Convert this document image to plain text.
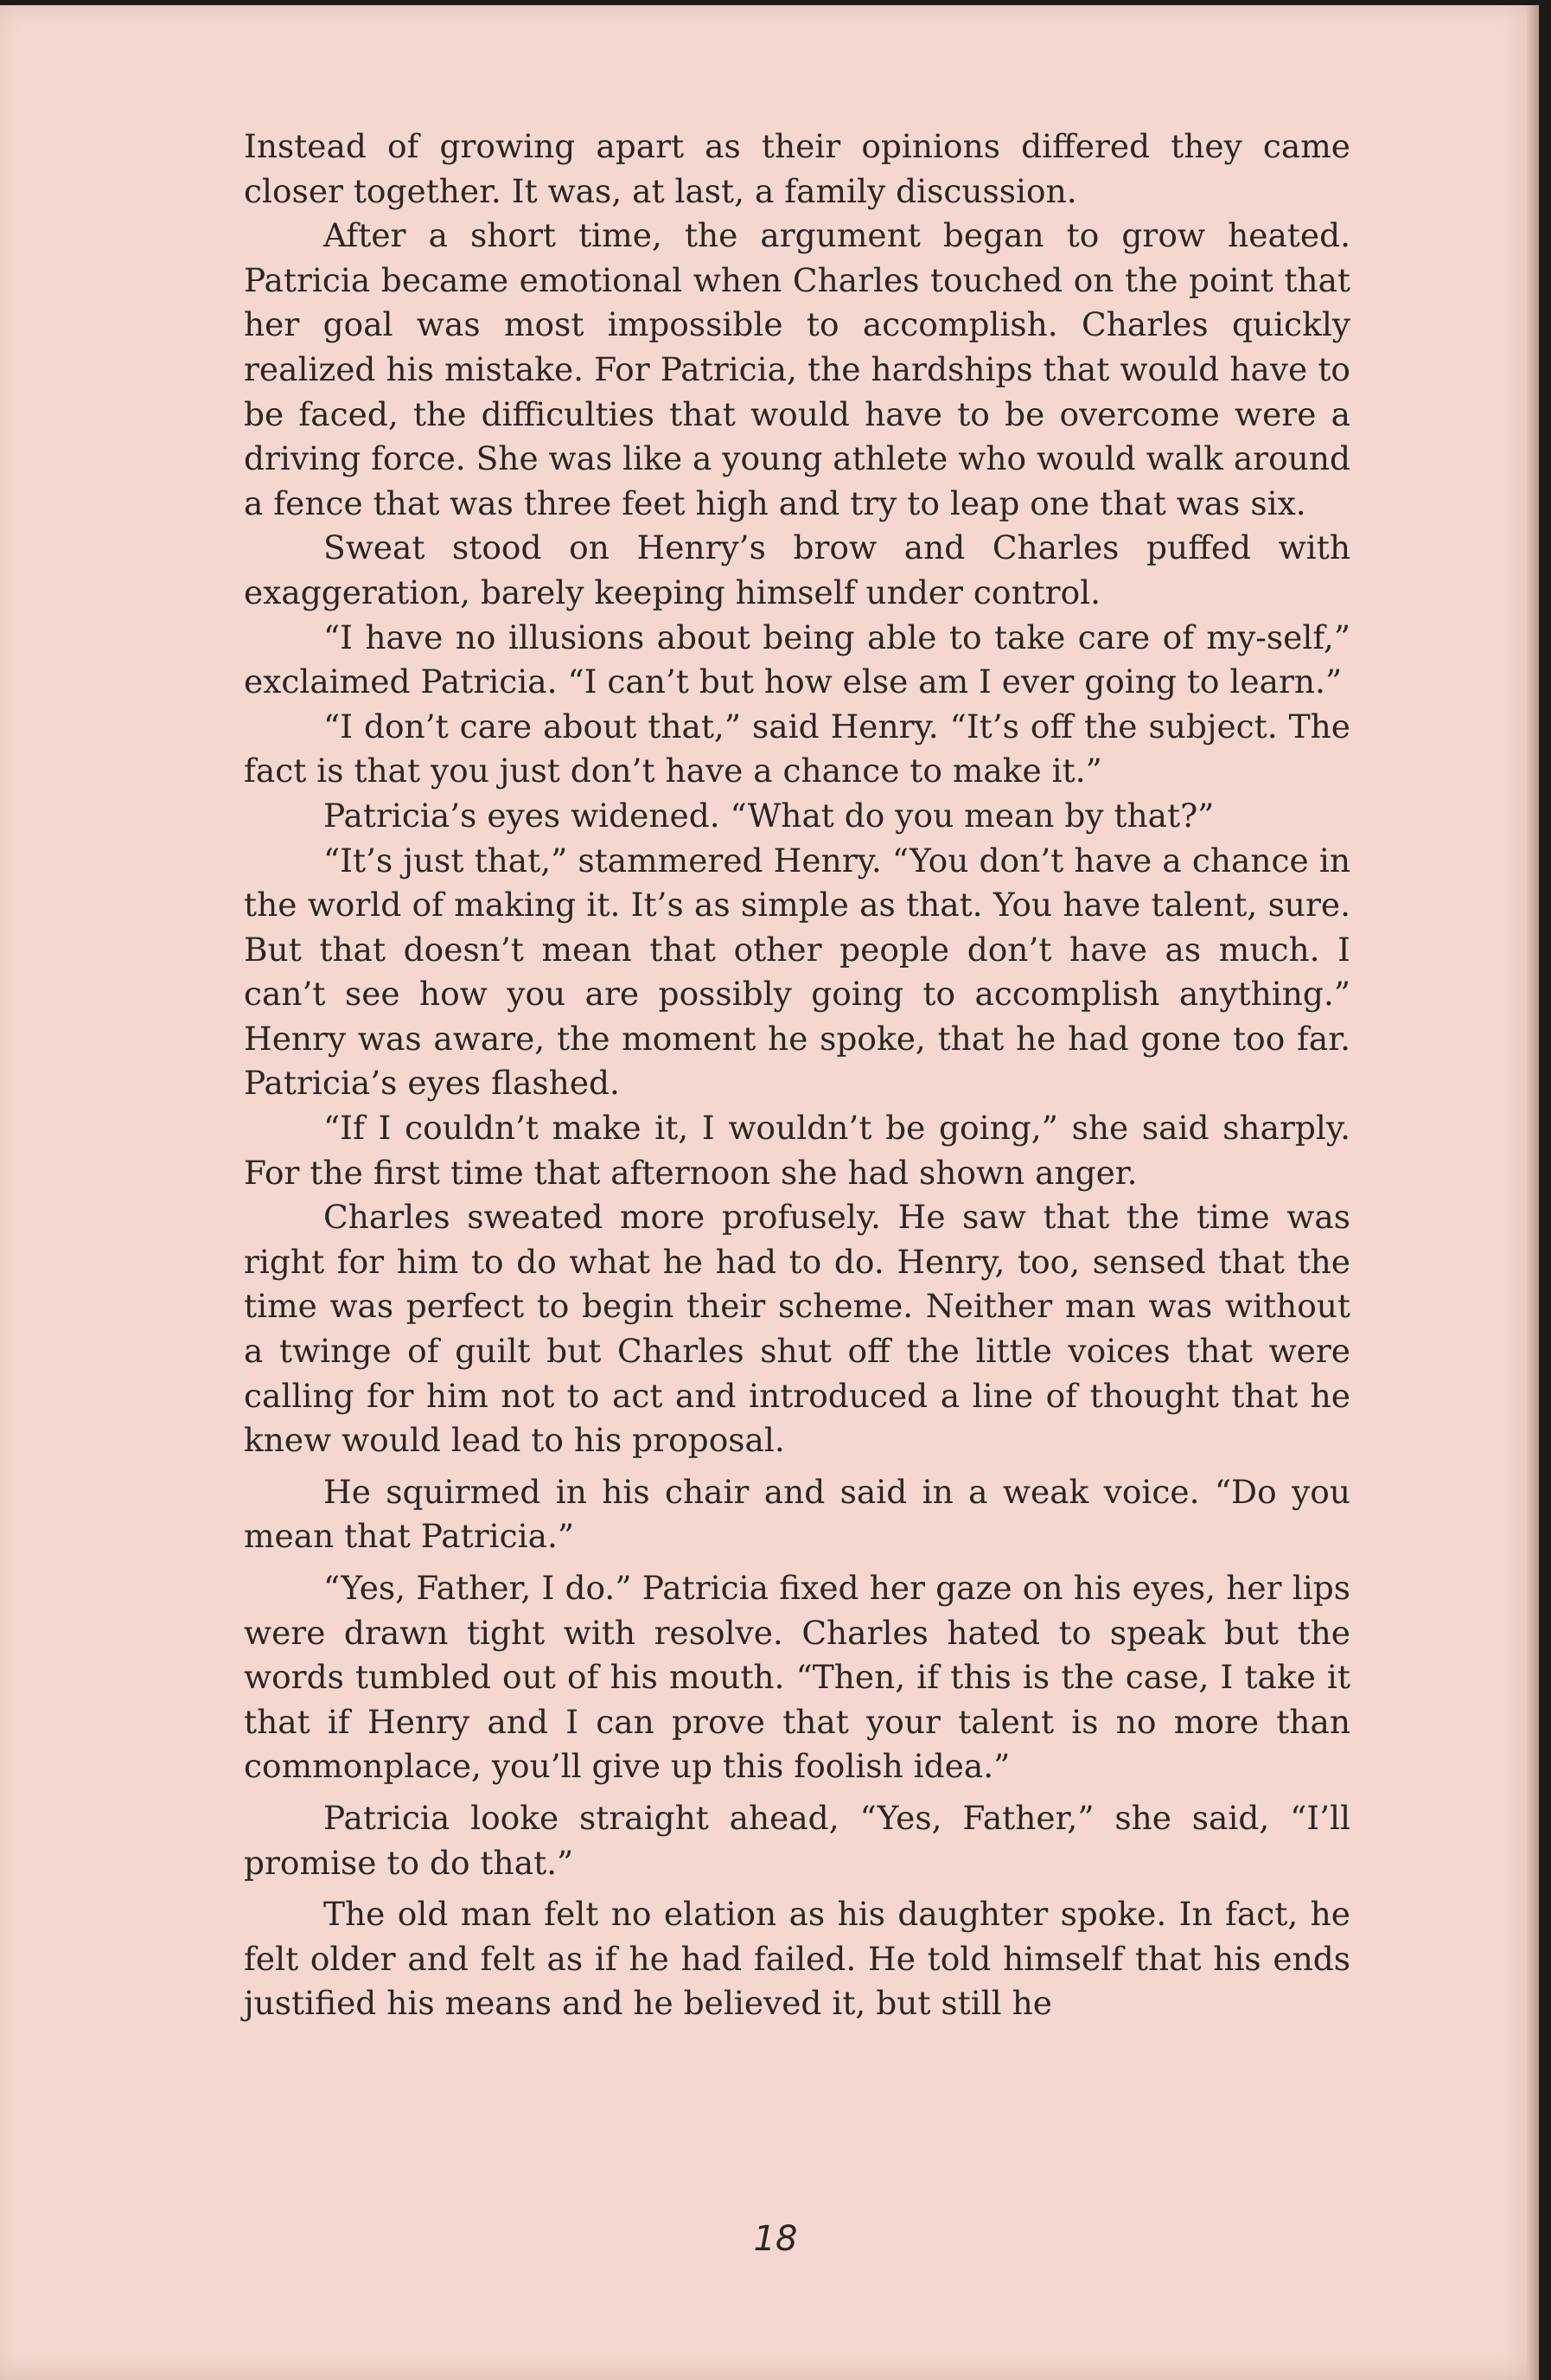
Instead of growing apart as their opinions differed they came closer together. It was, at last, a family discussion.

After a short time, the argument began to grow heated. Patricia became emotional when Charles touched on the point that her goal was most impossible to accomplish. Charles quickly realized his mistake. For Patricia, the hardships that would have to be faced, the difficulties that would have to be overcome were a driving force. She was like a young athlete who would walk around a fence that was three feet high and try to leap one that was six.

Sweat stood on Henry’s brow and Charles puffed with exaggeration, barely keeping himself under control.

“I have no illusions about being able to take care of my-self,” exclaimed Patricia. “I can’t but how else am I ever going to learn.”

“I don’t care about that,” said Henry. “It’s off the subject. The fact is that you just don’t have a chance to make it.”

Patricia’s eyes widened. “What do you mean by that?”

“It’s just that,” stammered Henry. “You don’t have a chance in the world of making it. It’s as simple as that. You have talent, sure. But that doesn’t mean that other people don’t have as much. I can’t see how you are possibly going to accomplish anything.” Henry was aware, the moment he spoke, that he had gone too far. Patricia’s eyes flashed.

“If I couldn’t make it, I wouldn’t be going,” she said sharply. For the first time that afternoon she had shown anger.

Charles sweated more profusely. He saw that the time was right for him to do what he had to do. Henry, too, sensed that the time was perfect to begin their scheme. Neither man was without a twinge of guilt but Charles shut off the little voices that were calling for him not to act and introduced a line of thought that he knew would lead to his proposal.

He squirmed in his chair and said in a weak voice. “Do you mean that Patricia.”

“Yes, Father, I do.” Patricia fixed her gaze on his eyes, her lips were drawn tight with resolve. Charles hated to speak but the words tumbled out of his mouth. “Then, if this is the case, I take it that if Henry and I can prove that your talent is no more than commonplace, you’ll give up this foolish idea.”

Patricia looke straight ahead, “Yes, Father,” she said, “I’ll promise to do that.”

The old man felt no elation as his daughter spoke. In fact, he felt older and felt as if he had failed. He told himself that his ends justified his means and he believed it, but still he

18
